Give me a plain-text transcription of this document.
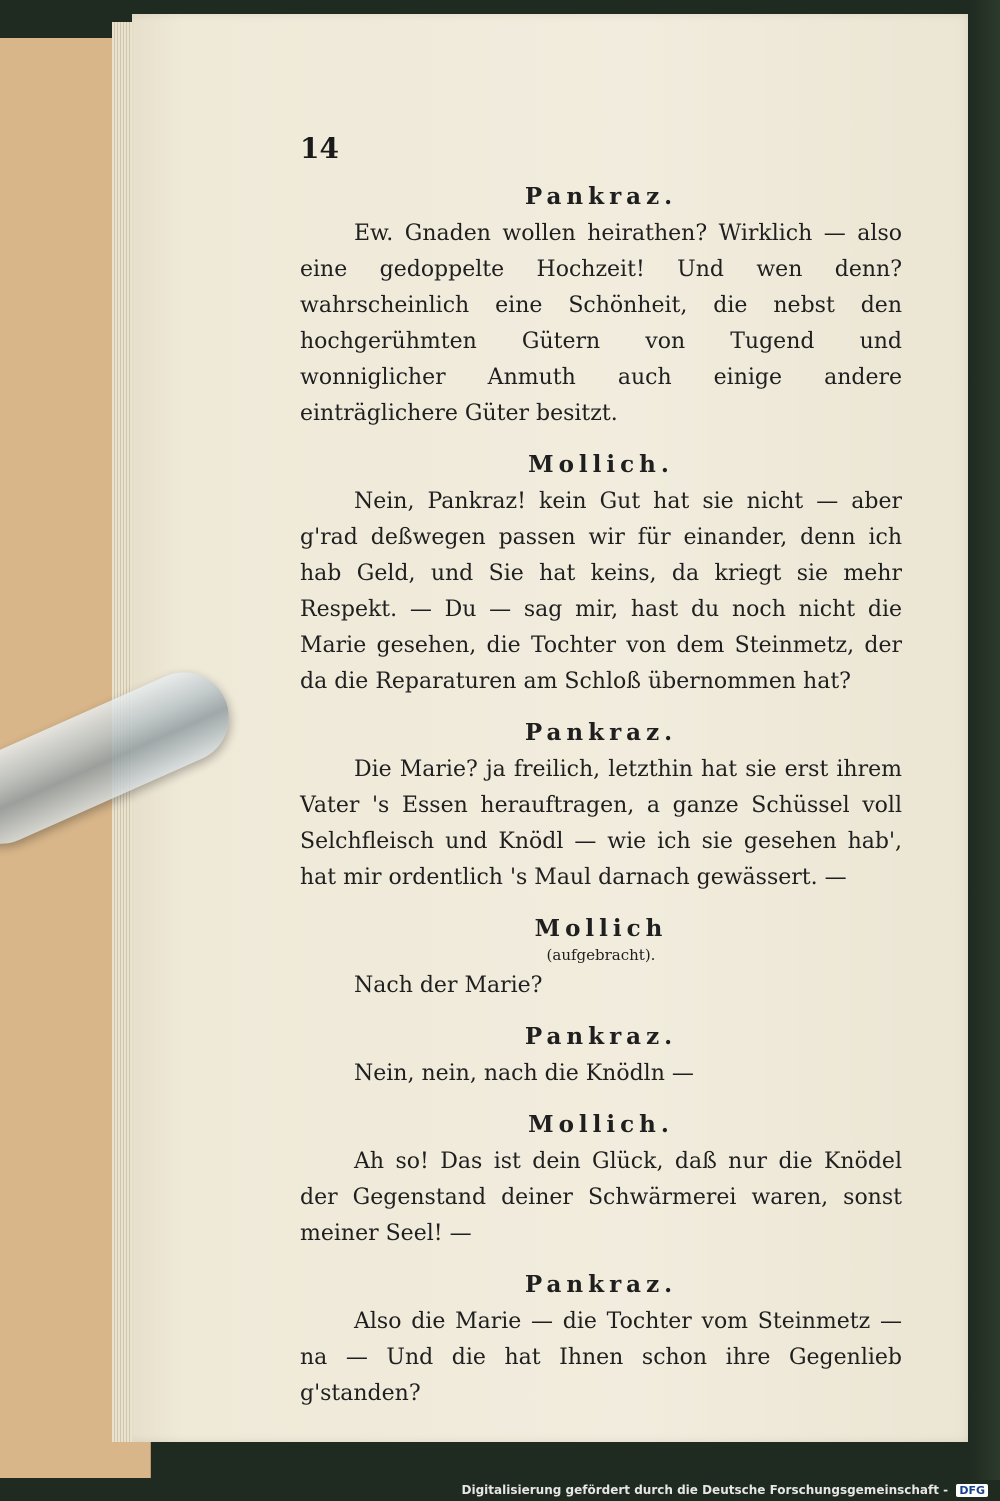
14

Pankraz.

Ew. Gnaden wollen heirathen? Wirklich — also eine gedoppelte Hochzeit! Und wen denn? wahrscheinlich eine Schönheit, die nebst den hochgerühmten Gütern von Tugend und wonniglicher Anmuth auch einige andere einträglichere Güter besitzt.

Mollich.

Nein, Pankraz! kein Gut hat sie nicht — aber g'rad deßwegen passen wir für einander, denn ich hab Geld, und Sie hat keins, da kriegt sie mehr Respekt. — Du — sag mir, hast du noch nicht die Marie gesehen, die Tochter von dem Steinmetz, der da die Reparaturen am Schloß übernommen hat?

Pankraz.

Die Marie? ja freilich, letzthin hat sie erst ihrem Vater 's Essen herauftragen, a ganze Schüssel voll Selchfleisch und Knödl — wie ich sie gesehen hab', hat mir ordentlich 's Maul darnach gewässert. —

Mollich

(aufgebracht).

Nach der Marie?

Pankraz.

Nein, nein, nach die Knödln —

Mollich.

Ah so! Das ist dein Glück, daß nur die Knödel der Gegenstand deiner Schwärmerei waren, sonst meiner Seel! —

Pankraz.

Also die Marie — die Tochter vom Steinmetz — na — Und die hat Ihnen schon ihre Gegenlieb g'standen?

Digitalisierung gefördert durch die Deutsche Forschungsgemeinschaft - DFG
